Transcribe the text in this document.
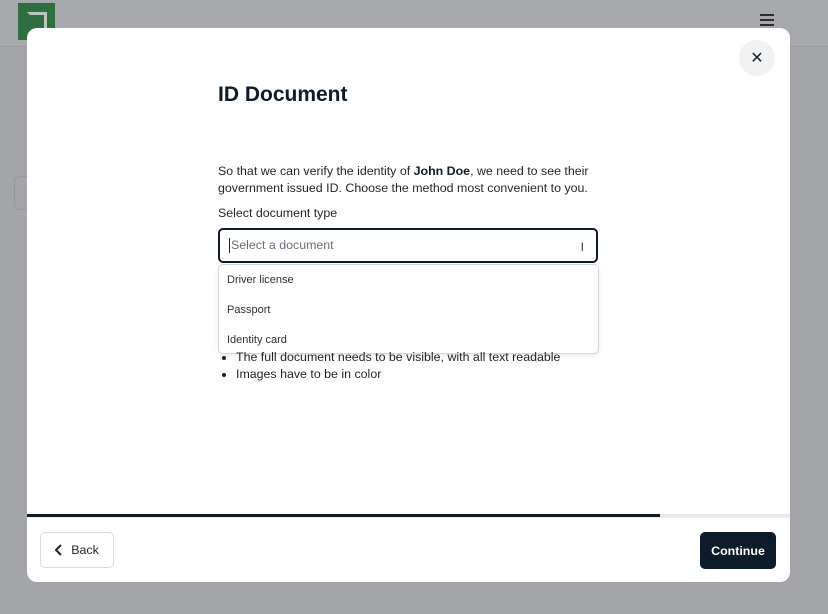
✕
ID Document
So that we can verify the identity of John Doe, we need to see their government issued ID. Choose the method most convenient to you.
Select document type
Select a document	I
Driver license
Passport
Identity card
• The full document needs to be visible, with all text readable
• Images have to be in color
Back	Continue
